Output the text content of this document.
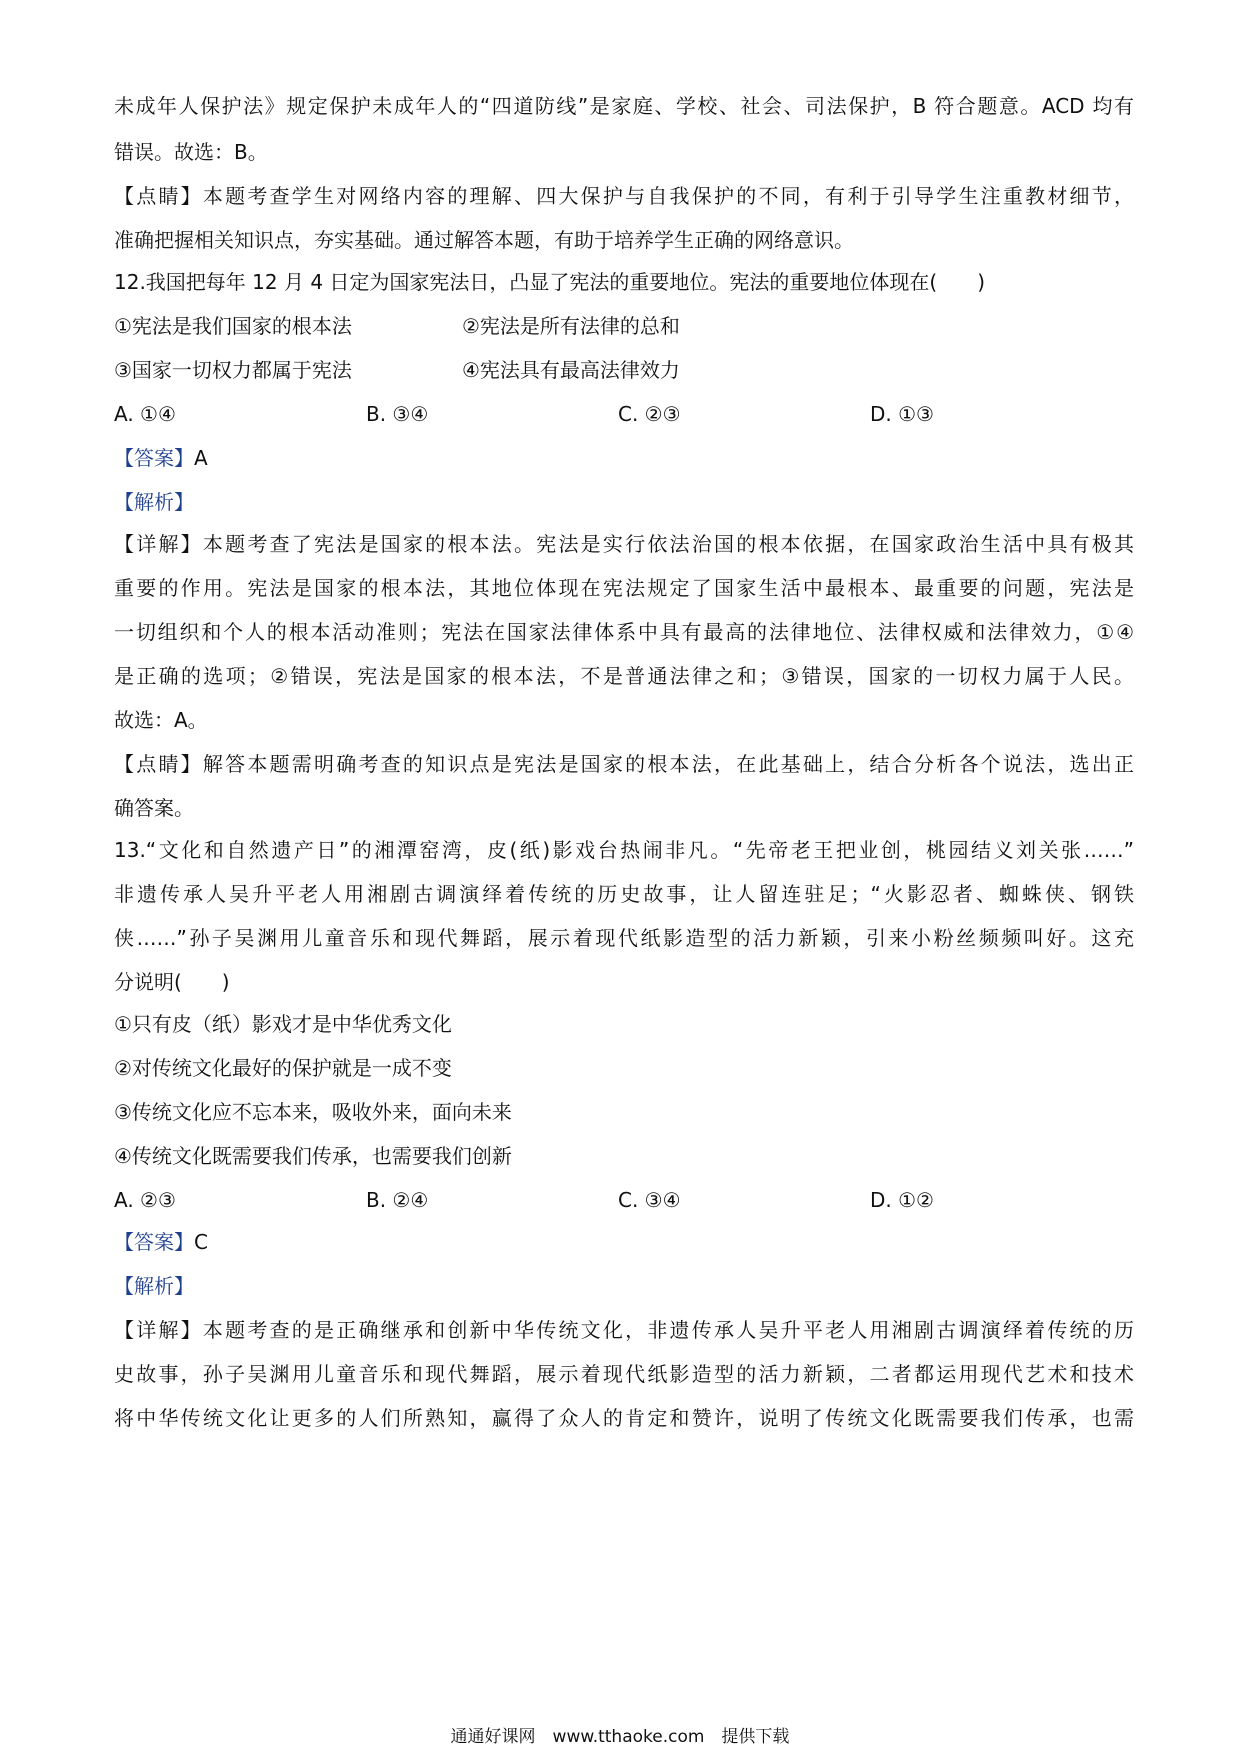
未成年人保护法》规定保护未成年人的“四道防线”是家庭、学校、社会、司法保护，B 符合题意。ACD 均有
错误。故选：B。
【点睛】本题考查学生对网络内容的理解、四大保护与自我保护的不同，有利于引导学生注重教材细节，
准确把握相关知识点，夯实基础。通过解答本题，有助于培养学生正确的网络意识。
12.我国把每年 12 月 4 日定为国家宪法日，凸显了宪法的重要地位。宪法的重要地位体现在(　　)
①宪法是我们国家的根本法	②宪法是所有法律的总和
③国家一切权力都属于宪法	④宪法具有最高法律效力
A. ①④	B. ③④	C. ②③	D. ①③
【答案】A
【解析】
【详解】本题考查了宪法是国家的根本法。宪法是实行依法治国的根本依据，在国家政治生活中具有极其
重要的作用。宪法是国家的根本法，其地位体现在宪法规定了国家生活中最根本、最重要的问题，宪法是
一切组织和个人的根本活动准则；宪法在国家法律体系中具有最高的法律地位、法律权威和法律效力，①④
是正确的选项；②错误，宪法是国家的根本法，不是普通法律之和；③错误，国家的一切权力属于人民。
故选：A。
【点睛】解答本题需明确考查的知识点是宪法是国家的根本法，在此基础上，结合分析各个说法，选出正
确答案。
13.“文化和自然遗产日”的湘潭窑湾，皮(纸)影戏台热闹非凡。“先帝老王把业创，桃园结义刘关张……”
非遗传承人吴升平老人用湘剧古调演绎着传统的历史故事，让人留连驻足；“火影忍者、蜘蛛侠、钢铁
侠……”孙子吴渊用儿童音乐和现代舞蹈，展示着现代纸影造型的活力新颖，引来小粉丝频频叫好。这充
分说明(　　)
①只有皮（纸）影戏才是中华优秀文化
②对传统文化最好的保护就是一成不变
③传统文化应不忘本来，吸收外来，面向未来
④传统文化既需要我们传承，也需要我们创新
A. ②③	B. ②④	C. ③④	D. ①②
【答案】C
【解析】
【详解】本题考查的是正确继承和创新中华传统文化，非遗传承人吴升平老人用湘剧古调演绎着传统的历
史故事，孙子吴渊用儿童音乐和现代舞蹈，展示着现代纸影造型的活力新颖，二者都运用现代艺术和技术
将中华传统文化让更多的人们所熟知，赢得了众人的肯定和赞许，说明了传统文化既需要我们传承，也需
通通好课网　www.tthaoke.com　提供下载
